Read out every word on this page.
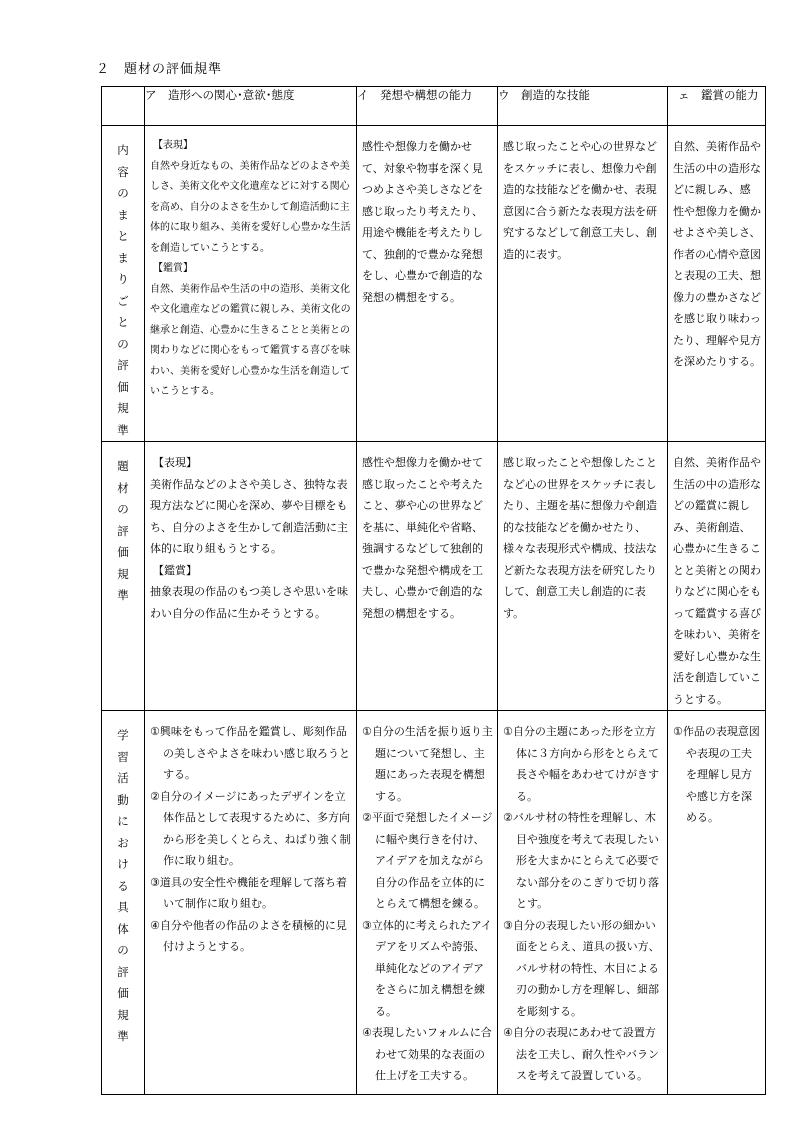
２　題材の評価規準
	ア　造形への関心･意欲･態度	イ　発想や構想の能力	ウ　創造的な技能	ェ　鑑賞の能力
内容のまとまりごとの評価規準	【表現】
自然や身近なもの、美術作品などのよさや美しさ、美術文化や文化遺産などに対する関心を高め、自分のよさを生かして創造活動に主体的に取り組み、美術を愛好し心豊かな生活を創造していこうとする。
【鑑賞】
自然、美術作品や生活の中の造形、美術文化や文化遺産などの鑑賞に親しみ、美術文化の継承と創造、心豊かに生きることと美術との関わりなどに関心をもって鑑賞する喜びを味わい、美術を愛好し心豊かな生活を創造していこうとする。	感性や想像力を働かせて、対象や物事を深く見つめよさや美しさなどを感じ取ったり考えたり、用途や機能を考えたりして、独創的で豊かな発想をし、心豊かで創造的な発想の構想をする。	感じ取ったことや心の世界などをスケッチに表し、想像力や創造的な技能などを働かせ、表現意図に合う新たな表現方法を研究するなどして創意工夫し、創造的に表す。	自然、美術作品や生活の中の造形などに親しみ、感性や想像力を働かせよさや美しさ、作者の心情や意図と表現の工夫、想像力の豊かさなどを感じ取り味わったり、理解や見方を深めたりする。

題材の評価規準	【表現】
美術作品などのよさや美しさ、独特な表現方法などに関心を深め、夢や目標をもち、自分のよさを生かして創造活動に主体的に取り組もうとする。
【鑑賞】
抽象表現の作品のもつ美しさや思いを味わい自分の作品に生かそうとする。	感性や想像力を働かせて感じ取ったことや考えたこと、夢や心の世界などを基に、単純化や省略、強調するなどして独創的で豊かな発想や構成を工夫し、心豊かで創造的な発想の構想をする。	感じ取ったことや想像したことなど心の世界をスケッチに表したり、主題を基に想像力や創造的な技能などを働かせたり、様々な表現形式や構成、技法など新たな表現方法を研究したりして、創意工夫し創造的に表す。	自然、美術作品や生活の中の造形などの鑑賞に親しみ、美術創造、心豊かに生きることと美術との関わりなどに関心をもって鑑賞する喜びを味わい、美術を愛好し心豊かな生活を創造していこうとする。

学習活動における具体の評価規準	①興味をもって作品を鑑賞し、彫刻作品の美しさやよさを味わい感じ取ろうとする。
②自分のイメージにあったデザインを立体作品として表現するために、多方向から形を美しくとらえ、ねばり強く制作に取り組む。
③道具の安全性や機能を理解して落ち着いて制作に取り組む。
④自分や他者の作品のよさを積極的に見付けようとする。	①自分の生活を振り返り主題について発想し、主題にあった表現を構想する。
②平面で発想したイメージに幅や奥行きを付け、アイデアを加えながら自分の作品を立体的にとらえて構想を練る。
③立体的に考えられたアイデアをリズムや誇張、単純化などのアイデアをさらに加え構想を練る。
④表現したいフォルムに合わせて効果的な表面の仕上げを工夫する。	①自分の主題にあった形を立方体に３方向から形をとらえて長さや幅をあわせてけがきする。
②バルサ材の特性を理解し、木目や強度を考えて表現したい形を大まかにとらえて必要でない部分をのこぎりで切り落とす。
③自分の表現したい形の細かい面をとらえ、道具の扱い方、バルサ材の特性、木目による刃の動かし方を理解し、細部を彫刻する。
④自分の表現にあわせて設置方法を工夫し、耐久性やバランスを考えて設置している。	①作品の表現意図や表現の工夫を理解し見方や感じ方を深める。
